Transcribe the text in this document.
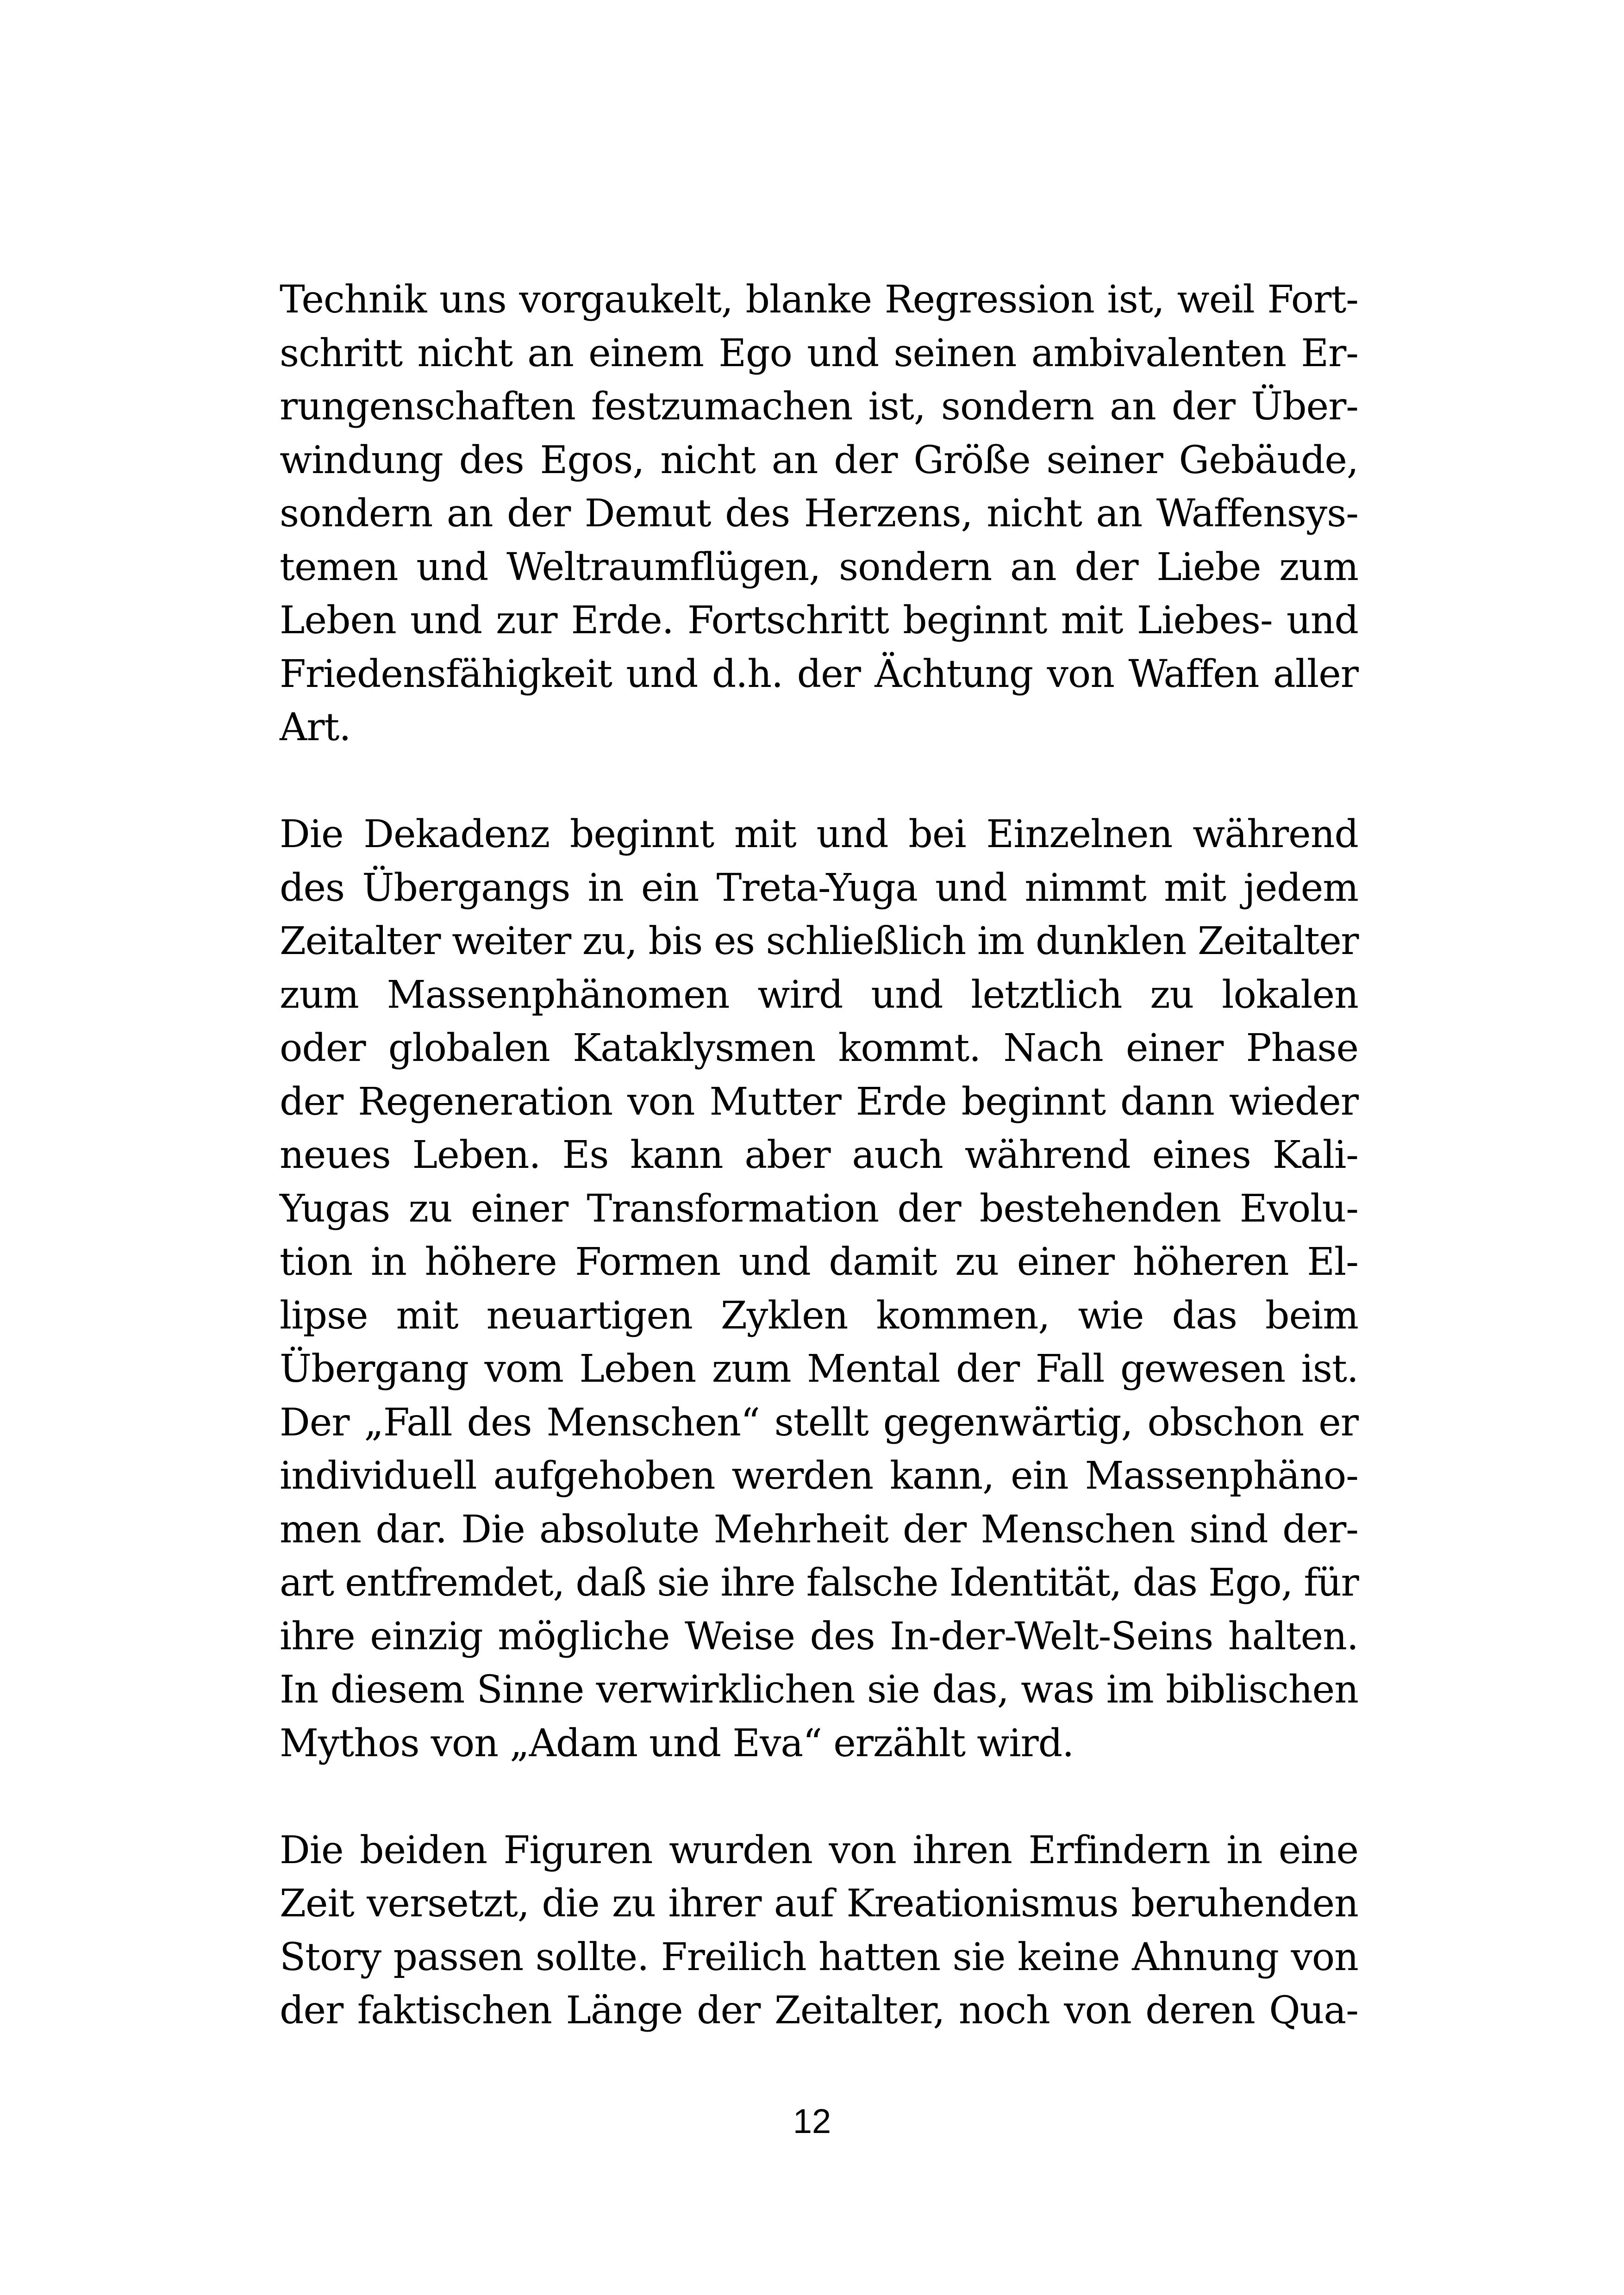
Technik uns vorgaukelt, blanke Regression ist, weil Fort-
schritt nicht an einem Ego und seinen ambivalenten Er-
rungenschaften festzumachen ist, sondern an der Über-
windung des Egos, nicht an der Größe seiner Gebäude,
sondern an der Demut des Herzens, nicht an Waffensys-
temen und Weltraumflügen, sondern an der Liebe zum
Leben und zur Erde. Fortschritt beginnt mit Liebes- und
Friedensfähigkeit und d.h. der Ächtung von Waffen aller
Art.
Die Dekadenz beginnt mit und bei Einzelnen während
des Übergangs in ein Treta-Yuga und nimmt mit jedem
Zeitalter weiter zu, bis es schließlich im dunklen Zeitalter
zum Massenphänomen wird und letztlich zu lokalen
oder globalen Kataklysmen kommt. Nach einer Phase
der Regeneration von Mutter Erde beginnt dann wieder
neues Leben. Es kann aber auch während eines Kali-
Yugas zu einer Transformation der bestehenden Evolu-
tion in höhere Formen und damit zu einer höheren El-
lipse mit neuartigen Zyklen kommen, wie das beim
Übergang vom Leben zum Mental der Fall gewesen ist.
Der „Fall des Menschen“ stellt gegenwärtig, obschon er
individuell aufgehoben werden kann, ein Massenphäno-
men dar. Die absolute Mehrheit der Menschen sind der-
art entfremdet, daß sie ihre falsche Identität, das Ego, für
ihre einzig mögliche Weise des In-der-Welt-Seins halten.
In diesem Sinne verwirklichen sie das, was im biblischen
Mythos von „Adam und Eva“ erzählt wird.
Die beiden Figuren wurden von ihren Erfindern in eine
Zeit versetzt, die zu ihrer auf Kreationismus beruhenden
Story passen sollte. Freilich hatten sie keine Ahnung von
der faktischen Länge der Zeitalter, noch von deren Qua-
12
